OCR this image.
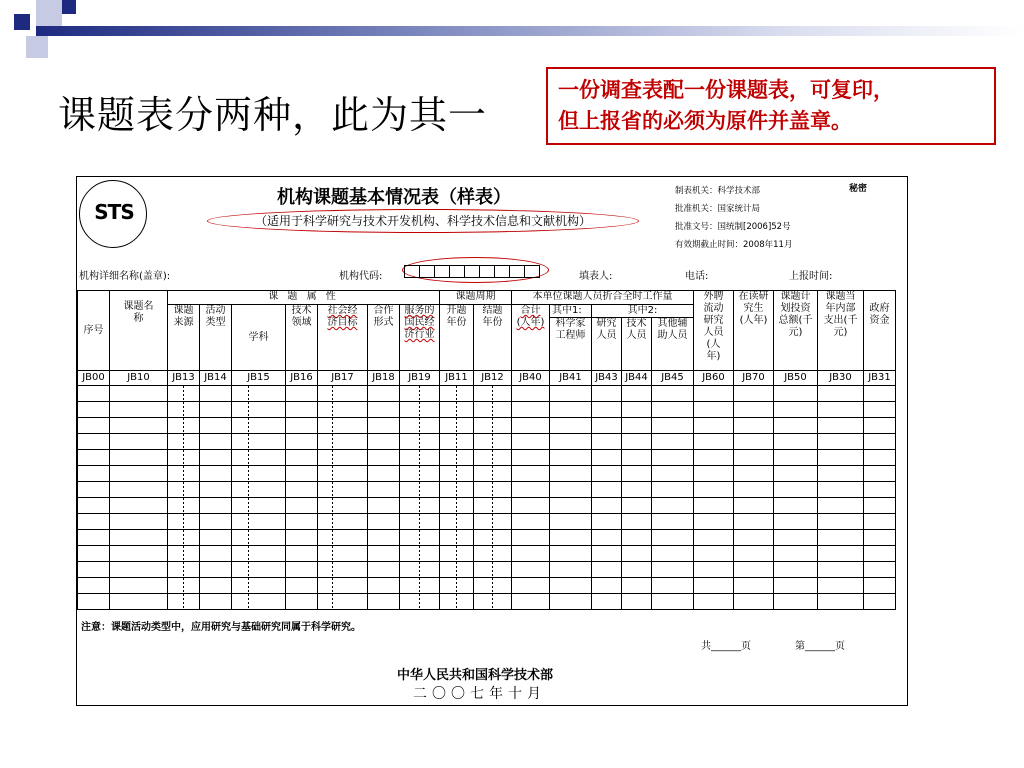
课题表分两种，此为其一
一份调查表配一份课题表，可复印，
但上报省的必须为原件并盖章。
STS
机构课题基本情况表（样表）
（适用于科学研究与技术开发机构、科学技术信息和文献机构）
制表机关：科学技术部
批准机关：国家统计局
批准文号：国统制[2006]52号
有效期截止时间：2008年11月
秘密
机构详细名称(盖章):	机构代码:	填表人:	电话:	上报时间:
序号	课题名称	课 题 属 性							课题周期		本单位课题人员折合全时工作量					外聘流动研究人员(人年)	在读研究生(人年)	课题计划投资总额(千元)	课题当年内部支出(千元)	政府资金
		课题来源	活动类型	学科	技术领域	社会经济目标	合作形式	服务的国民经济行业	开题年份	结题年份	合计(人年)	其中1:	其中2:							
												科学家工程师	研究人员	技术人员	其他辅助人员					
JB00	JB10	JB13	JB14	JB15	JB16	JB17	JB18	JB19	JB11	JB12	JB40	JB41	JB43	JB44	JB45	JB60	JB70	JB50	JB30	JB31

注意：课题活动类型中，应用研究与基础研究同属于科学研究。
共______页	第______页
中华人民共和国科学技术部
二〇〇七年十月
